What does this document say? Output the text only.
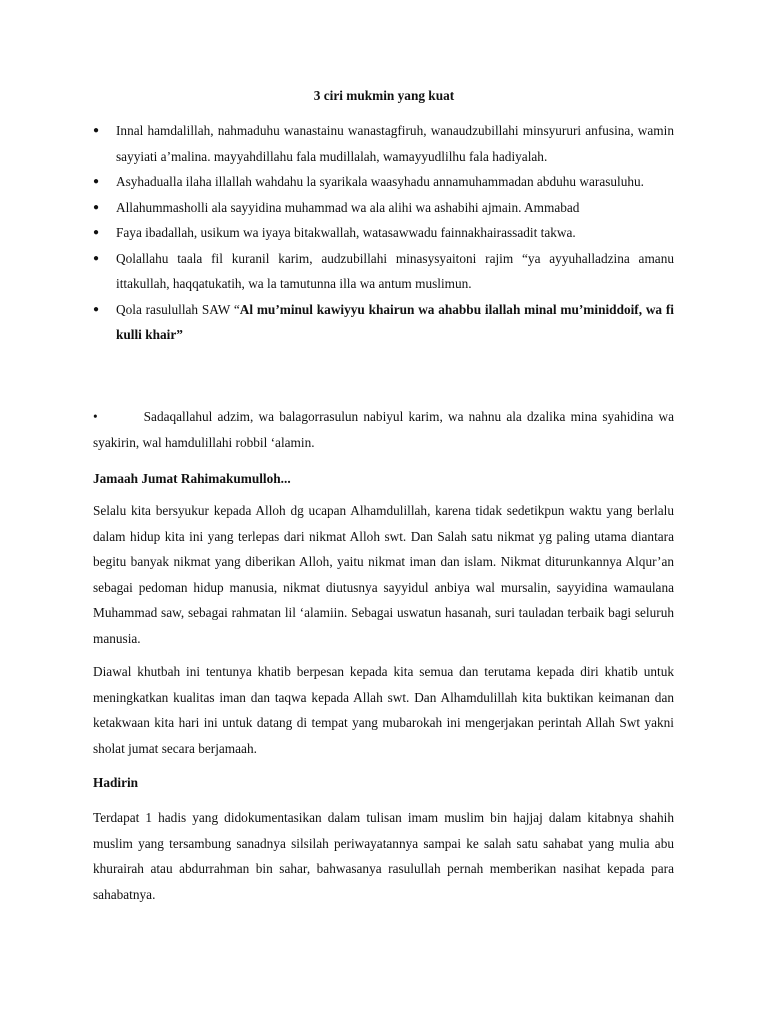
3 ciri mukmin yang kuat
● Innal hamdalillah, nahmaduhu wanastainu wanastagfiruh, wanaudzubillahi minsyururi anfusina, wamin sayyiati a’malina. mayyahdillahu fala mudillalah, wamayyudlilhu fala hadiyalah.
● Asyhadualla ilaha illallah wahdahu la syarikala waasyhadu annamuhammadan abduhu warasuluhu.
● Allahummasholli ala sayyidina muhammad wa ala alihi wa ashabihi ajmain. Ammabad
● Faya ibadallah, usikum wa iyaya bitakwallah, watasawwadu fainnakhairassadit takwa.
● Qolallahu taala fil kuranil karim, audzubillahi minasysyaitoni rajim “ya ayyuhalladzina amanu ittakullah, haqqatukatih, wa la tamutunna illa wa antum muslimun.
● Qola rasulullah SAW “Al mu’minul kawiyyu khairun wa ahabbu ilallah minal mu’miniddoif, wa fi kulli khair”

•	Sadaqallahul adzim, wa balagorrasulun nabiyul karim, wa nahnu ala dzalika mina syahidina wa syakirin, wal hamdulillahi robbil ‘alamin.

Jamaah Jumat Rahimakumulloh...

Selalu kita bersyukur kepada Alloh dg ucapan Alhamdulillah, karena tidak sedetikpun waktu yang berlalu dalam hidup kita ini yang terlepas dari nikmat Alloh swt. Dan Salah satu nikmat yg paling utama diantara begitu banyak nikmat yang diberikan Alloh, yaitu nikmat iman dan islam. Nikmat diturunkannya Alqur’an sebagai pedoman hidup manusia, nikmat diutusnya sayyidul anbiya wal mursalin, sayyidina wamaulana Muhammad saw, sebagai rahmatan lil ‘alamiin. Sebagai uswatun hasanah, suri tauladan terbaik bagi seluruh manusia.

Diawal khutbah ini tentunya khatib berpesan kepada kita semua dan terutama kepada diri khatib untuk meningkatkan kualitas iman dan taqwa kepada Allah swt. Dan Alhamdulillah kita buktikan keimanan dan ketakwaan kita hari ini untuk datang di tempat yang mubarokah ini mengerjakan perintah Allah Swt yakni sholat jumat secara berjamaah.

Hadirin

Terdapat 1 hadis yang didokumentasikan dalam tulisan imam muslim bin hajjaj dalam kitabnya shahih muslim yang tersambung sanadnya silsilah periwayatannya sampai ke salah satu sahabat yang mulia abu khurairah atau abdurrahman bin sahar, bahwasanya rasulullah pernah memberikan nasihat kepada para sahabatnya.
